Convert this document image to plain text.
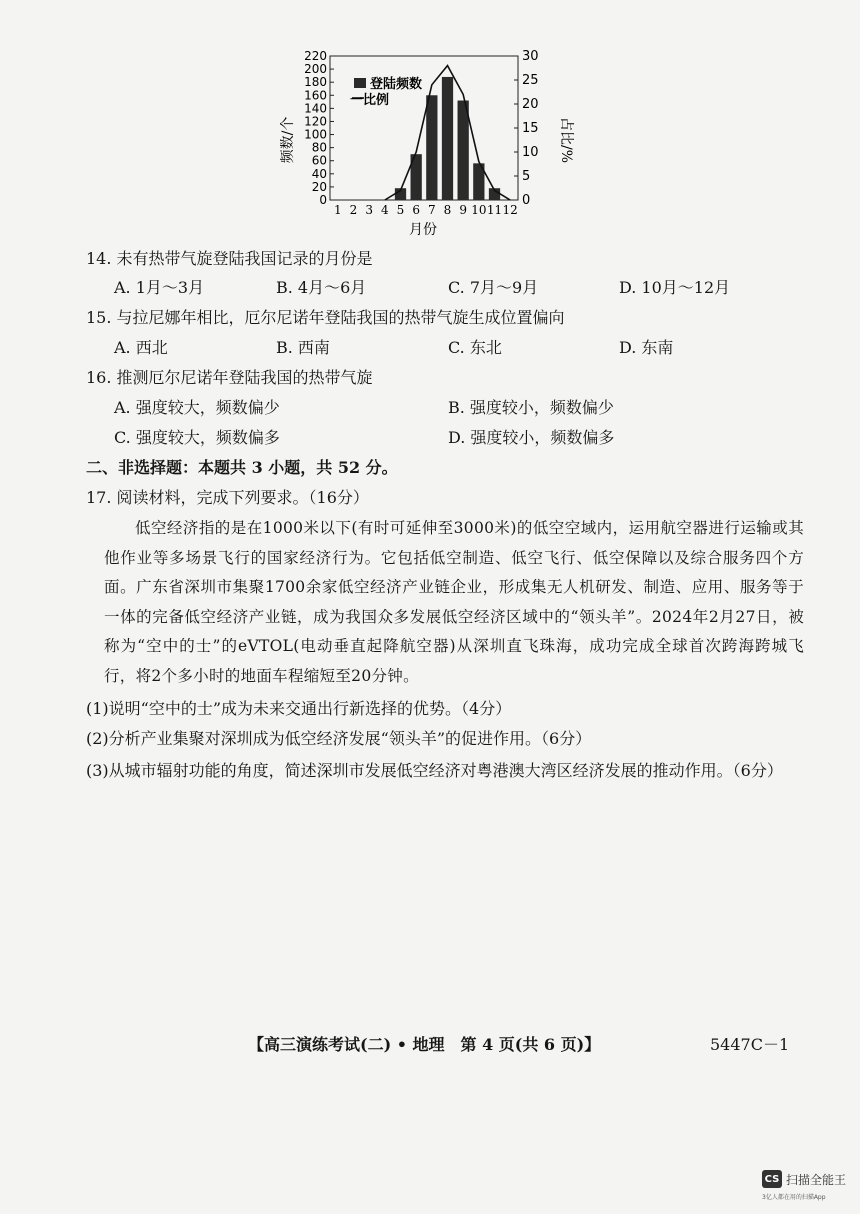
0
20
40
60
80
100
120
140
160
180
200
220
0
5
10
15
20
25
30
1 2 3 4 5 6 7 8 9 10 11 12
频数/个	占比/%
月份
登陆频数
一比例
14. 未有热带气旋登陆我国记录的月份是
A. 1月～3月	B. 4月～6月	C. 7月～9月	D. 10月～12月
15. 与拉尼娜年相比，厄尔尼诺年登陆我国的热带气旋生成位置偏向
A. 西北	B. 西南	C. 东北	D. 东南
16. 推测厄尔尼诺年登陆我国的热带气旋
A. 强度较大，频数偏少	B. 强度较小，频数偏少
C. 强度较大，频数偏多	D. 强度较小，频数偏多
二、非选择题：本题共 3 小题，共 52 分。
17. 阅读材料，完成下列要求。（16分）
低空经济指的是在1000米以下(有时可延伸至3000米)的低空空域内，运用航空器进行运输或其他作业等多场景飞行的国家经济行为。它包括低空制造、低空飞行、低空保障以及综合服务四个方面。广东省深圳市集聚1700余家低空经济产业链企业，形成集无人机研发、制造、应用、服务等于一体的完备低空经济产业链，成为我国众多发展低空经济区域中的“领头羊”。2024年2月27日，被称为“空中的士”的eVTOL(电动垂直起降航空器)从深圳直飞珠海，成功完成全球首次跨海跨城飞行，将2个多小时的地面车程缩短至20分钟。
(1)说明“空中的士”成为未来交通出行新选择的优势。（4分）
(2)分析产业集聚对深圳成为低空经济发展“领头羊”的促进作用。（6分）
(3)从城市辐射功能的角度，简述深圳市发展低空经济对粤港澳大湾区经济发展的推动作用。（6分）
【高三演练考试(二) • 地理　第 4 页(共 6 页)】	5447C－1
CS 扫描全能王
3亿人都在用的扫描App
